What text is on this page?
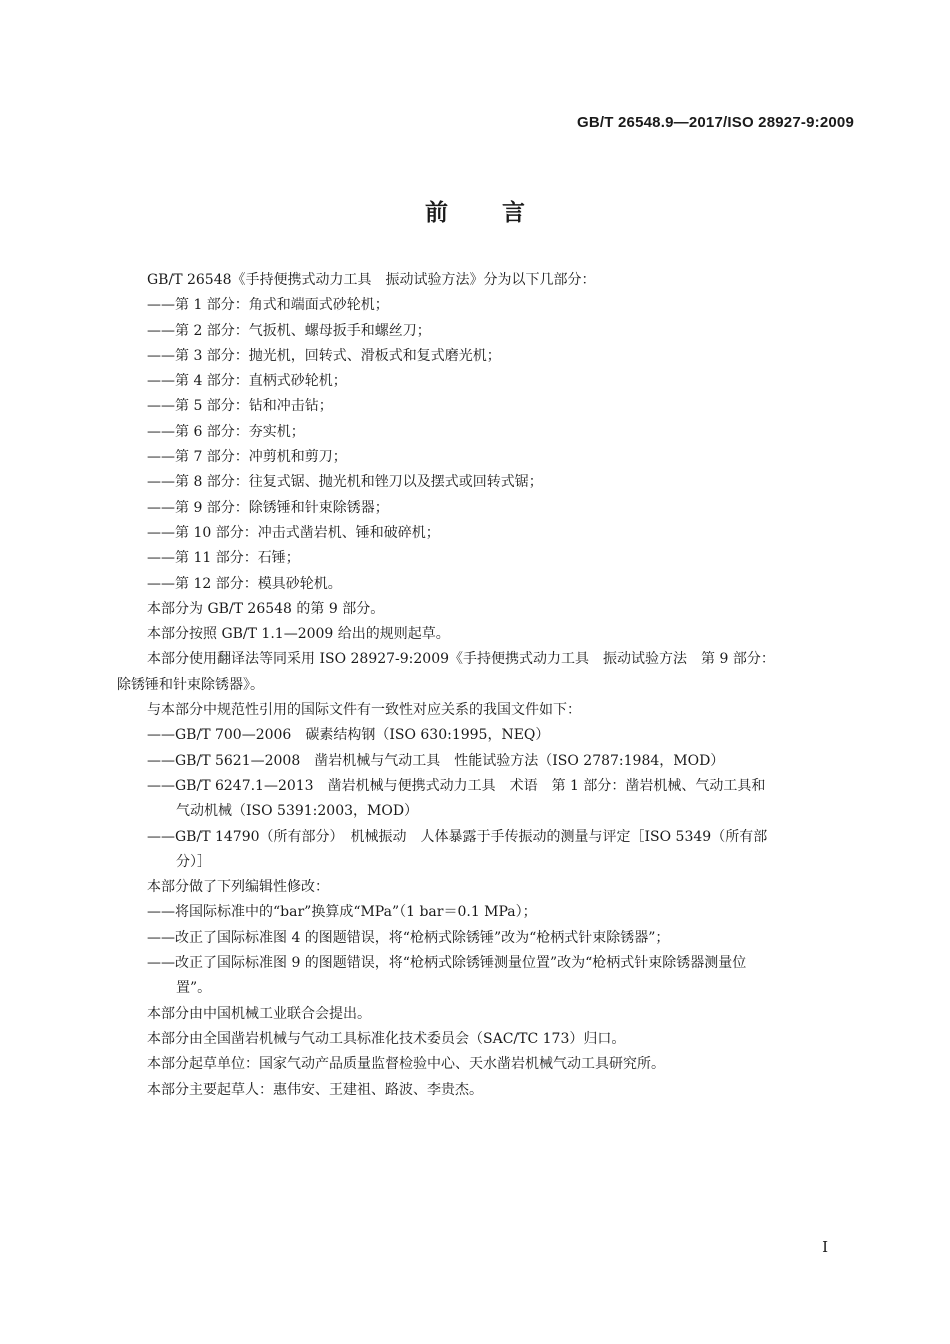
GB/T 26548.9—2017/ISO 28927-9:2009
前 言
GB/T 26548《手持便携式动力工具　振动试验方法》分为以下几部分：
——第 1 部分：角式和端面式砂轮机；
——第 2 部分：气扳机、螺母扳手和螺丝刀；
——第 3 部分：抛光机，回转式、滑板式和复式磨光机；
——第 4 部分：直柄式砂轮机；
——第 5 部分：钻和冲击钻；
——第 6 部分：夯实机；
——第 7 部分：冲剪机和剪刀；
——第 8 部分：往复式锯、抛光机和锉刀以及摆式或回转式锯；
——第 9 部分：除锈锤和针束除锈器；
——第 10 部分：冲击式凿岩机、锤和破碎机；
——第 11 部分：石锤；
——第 12 部分：模具砂轮机。
本部分为 GB/T 26548 的第 9 部分。
本部分按照 GB/T 1.1—2009 给出的规则起草。
本部分使用翻译法等同采用 ISO 28927-9:2009《手持便携式动力工具　振动试验方法　第 9 部分：
除锈锤和针束除锈器》。
与本部分中规范性引用的国际文件有一致性对应关系的我国文件如下：
——GB/T 700—2006　碳素结构钢（ISO 630:1995，NEQ）
——GB/T 5621—2008　凿岩机械与气动工具　性能试验方法（ISO 2787:1984，MOD）
——GB/T 6247.1—2013　凿岩机械与便携式动力工具　术语　第 1 部分：凿岩机械、气动工具和
气动机械（ISO 5391:2003，MOD）
——GB/T 14790（所有部分）　机械振动　人体暴露于手传振动的测量与评定［ISO 5349（所有部
分）］
本部分做了下列编辑性修改：
——将国际标准中的“bar”换算成“MPa”（1 bar＝0.1 MPa）；
——改正了国际标准图 4 的图题错误，将“枪柄式除锈锤”改为“枪柄式针束除锈器”；
——改正了国际标准图 9 的图题错误，将“枪柄式除锈锤测量位置”改为“枪柄式针束除锈器测量位
置”。
本部分由中国机械工业联合会提出。
本部分由全国凿岩机械与气动工具标准化技术委员会（SAC/TC 173）归口。
本部分起草单位：国家气动产品质量监督检验中心、天水凿岩机械气动工具研究所。
本部分主要起草人：惠伟安、王建祖、路波、李贵杰。
I
